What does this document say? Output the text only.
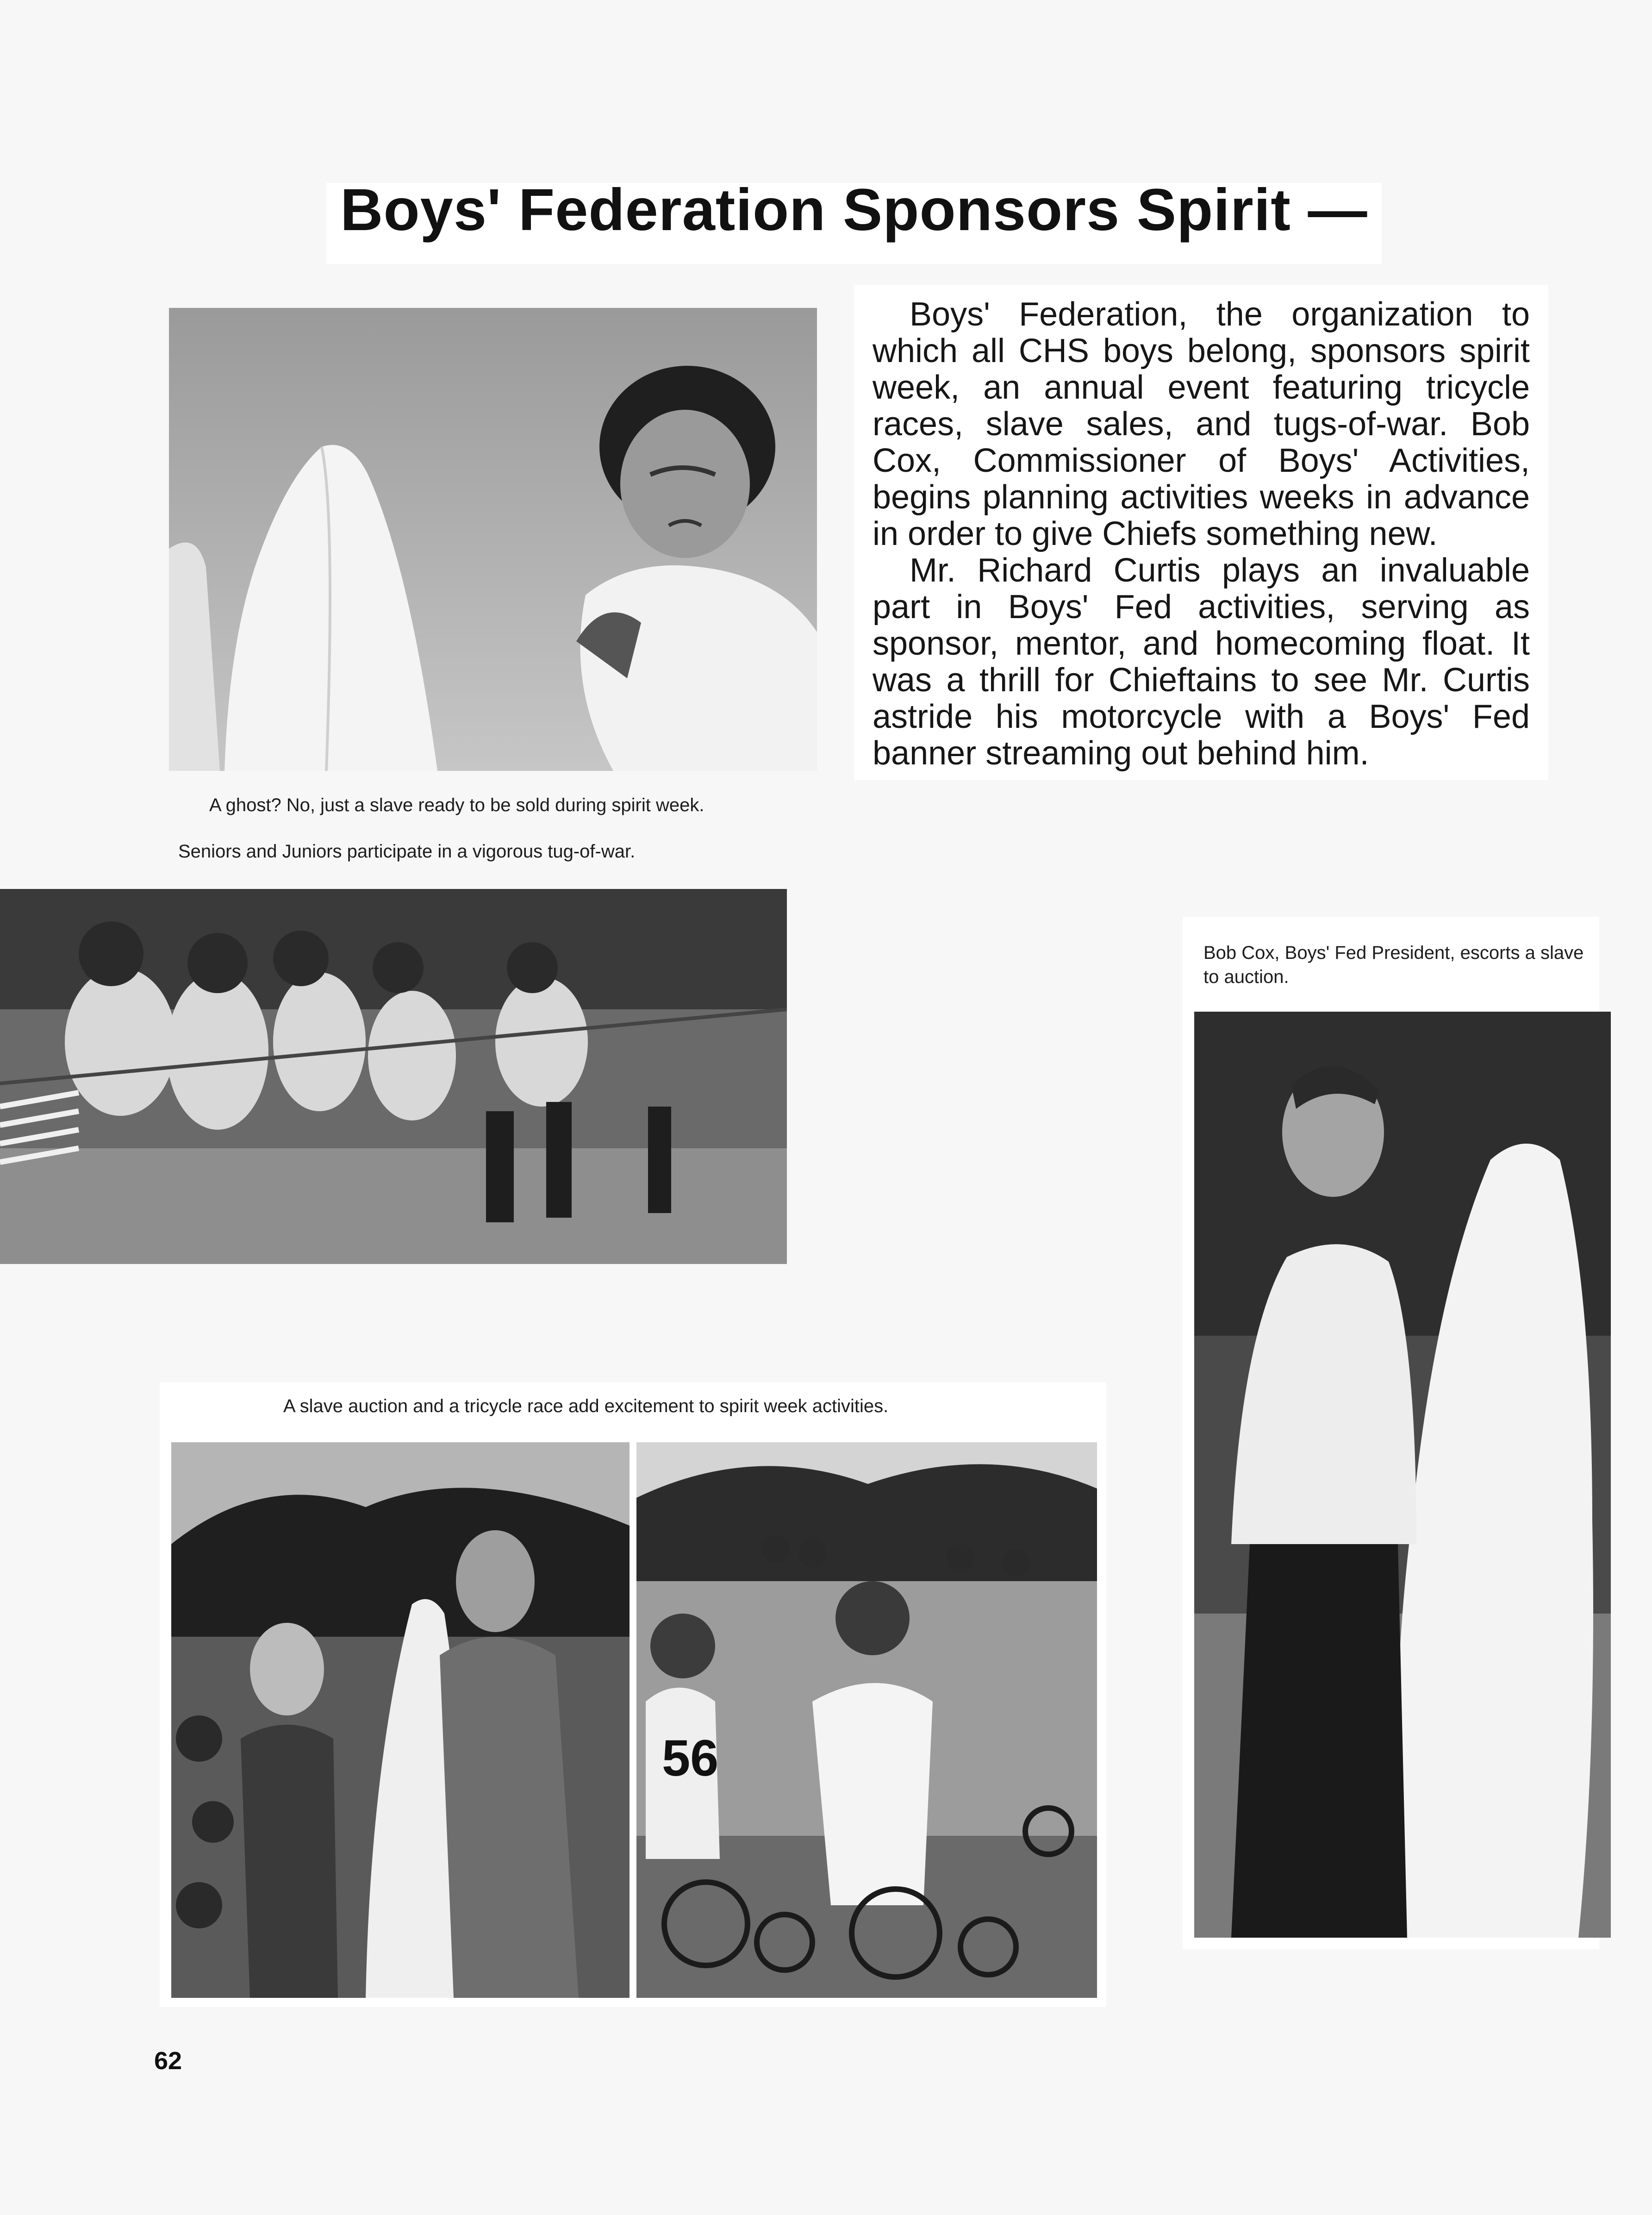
Boys' Federation Sponsors Spirit —

Boys' Federation, the organization to which all CHS boys belong, sponsors spirit week, an annual event featuring tricycle races, slave sales, and tugs-of-war. Bob Cox, Commissioner of Boys' Activities, begins planning activities weeks in advance in order to give Chiefs something new.

Mr. Richard Curtis plays an invaluable part in Boys' Fed activities, serving as sponsor, mentor, and homecoming float. It was a thrill for Chieftains to see Mr. Curtis astride his motorcycle with a Boys' Fed banner streaming out behind him.

A ghost? No, just a slave ready to be sold during spirit week.
Seniors and Juniors participate in a vigorous tug-of-war.
Bob Cox, Boys' Fed President, escorts a slave to auction.
A slave auction and a tricycle race add excitement to spirit week activities.
56
62
